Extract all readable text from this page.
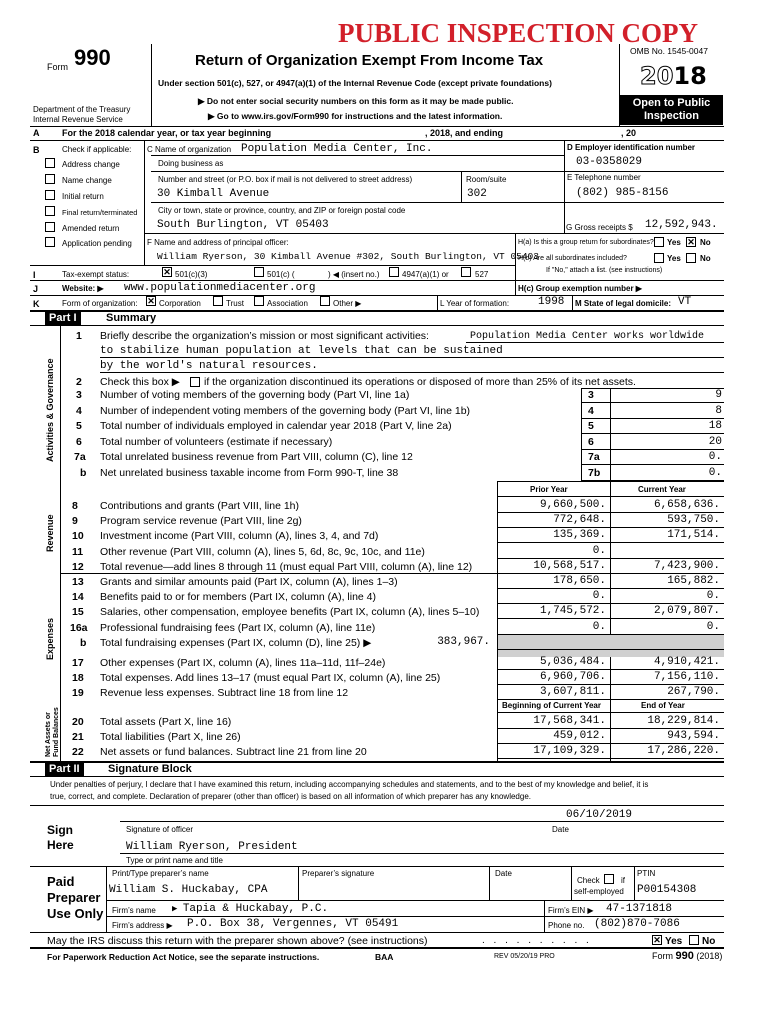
PUBLIC INSPECTION COPY
Form 990
Department of the Treasury
Internal Revenue Service
Return of Organization Exempt From Income Tax
Under section 501(c), 527, or 4947(a)(1) of the Internal Revenue Code (except private foundations)
▶ Do not enter social security numbers on this form as it may be made public.
▶ Go to www.irs.gov/Form990 for instructions and the latest information.
OMB No. 1545-0047
2018
Open to Public
Inspection
A	For the 2018 calendar year, or tax year beginning	, 2018, and ending	, 20
B	Check if applicable:
Address change
Name change
Initial return
Final return/terminated
Amended return
Application pending
C Name of organization Population Media Center, Inc.
Doing business as
Number and street (or P.O. box if mail is not delivered to street address)	Room/suite
30 Kimball Avenue	302
City or town, state or province, country, and ZIP or foreign postal code
South Burlington, VT 05403
F Name and address of principal officer:
William Ryerson, 30 Kimball Avenue #302, South Burlington, VT 05403
D Employer identification number
03-0358029
E Telephone number
(802) 985-8156
G Gross receipts $ 12,592,943.
H(a) Is this a group return for subordinates? Yes ✕ No
H(b) Are all subordinates included?	Yes No
If "No," attach a list. (see instructions)
I	Tax-exempt status:	✕ 501(c)(3)	501(c) (	) ◀ (insert no.)	4947(a)(1) or	527
J	Website: ▶ www.populationmediacenter.org	H(c) Group exemption number ▶
K	Form of organization: ✕ Corporation	Trust	Association	Other ▶	L Year of formation:	1998 M State of legal domicile: VT
Part I	Summary
Activities & Governance
Revenue
Expenses
Net Assets or Fund Balances
1 Briefly describe the organization’s mission or most significant activities:	Population Media Center works worldwide
to stabilize human population at levels that can be sustained
by the world's natural resources.
2 Check this box ▶ if the organization discontinued its operations or disposed of more than 25% of its net assets.
Prior Year	Current Year
Beginning of Current Year	End of Year
Part II	Signature Block
Under penalties of perjury, I declare that I have examined this return, including accompanying schedules and statements, and to the best of my knowledge and belief, it is
true, correct, and complete. Declaration of preparer (other than officer) is based on all information of which preparer has any knowledge.
Sign
Here
06/10/2019
Signature of officer	Date
William Ryerson, President
Type or print name and title
Paid
Preparer
Use Only
Print/Type preparer’s name	Preparer’s signature	Date
Check	if
self-employed
PTIN
William S. Huckabay, CPA	P00154308
Firm’s name ▶ Tapia & Huckabay, P.C.	Firm’s EIN ▶ 47-1371818
Firm’s address ▶ P.O. Box 38, Vergennes, VT 05491	Phone no. (802)870-7086
May the IRS discuss this return with the preparer shown above? (see instructions)	. . . . . . . . . .	✕ Yes No
For Paperwork Reduction Act Notice, see the separate instructions.	BAA	REV 05/20/19 PRO	Form 990 (2018)
3 Number of voting members of the governing body (Part VI, line 1a)	3	9
4 Number of independent voting members of the governing body (Part VI, line 1b)	4	8
5 Total number of individuals employed in calendar year 2018 (Part V, line 2a)	5	18
6 Total number of volunteers (estimate if necessary)	6	20
7a Total unrelated business revenue from Part VIII, column (C), line 12	7a	0.
b Net unrelated business taxable income from Form 990-T, line 38	7b	0.
8 Contributions and grants (Part VIII, line 1h)	9,660,500.	6,658,636.
9 Program service revenue (Part VIII, line 2g)	772,648.	593,750.
10 Investment income (Part VIII, column (A), lines 3, 4, and 7d)	135,369.	171,514.
11 Other revenue (Part VIII, column (A), lines 5, 6d, 8c, 9c, 10c, and 11e)	0.
12 Total revenue—add lines 8 through 11 (must equal Part VIII, column (A), line 12)	10,568,517.	7,423,900.
13 Grants and similar amounts paid (Part IX, column (A), lines 1–3)	178,650.	165,882.
14 Benefits paid to or for members (Part IX, column (A), line 4)	0.	0.
15 Salaries, other compensation, employee benefits (Part IX, column (A), lines 5–10)	1,745,572.	2,079,807.
16a Professional fundraising fees (Part IX, column (A), line 11e)	0.	0.
b Total fundraising expenses (Part IX, column (D), line 25) ▶	383,967.
17 Other expenses (Part IX, column (A), lines 11a–11d, 11f–24e)	5,036,484.	4,910,421.
18 Total expenses. Add lines 13–17 (must equal Part IX, column (A), line 25)	6,960,706.	7,156,110.
19 Revenue less expenses. Subtract line 18 from line 12	3,607,811.	267,790.
20 Total assets (Part X, line 16)	17,568,341.	18,229,814.
21 Total liabilities (Part X, line 26)	459,012.	943,594.
22 Net assets or fund balances. Subtract line 21 from line 20	17,109,329.	17,286,220.
